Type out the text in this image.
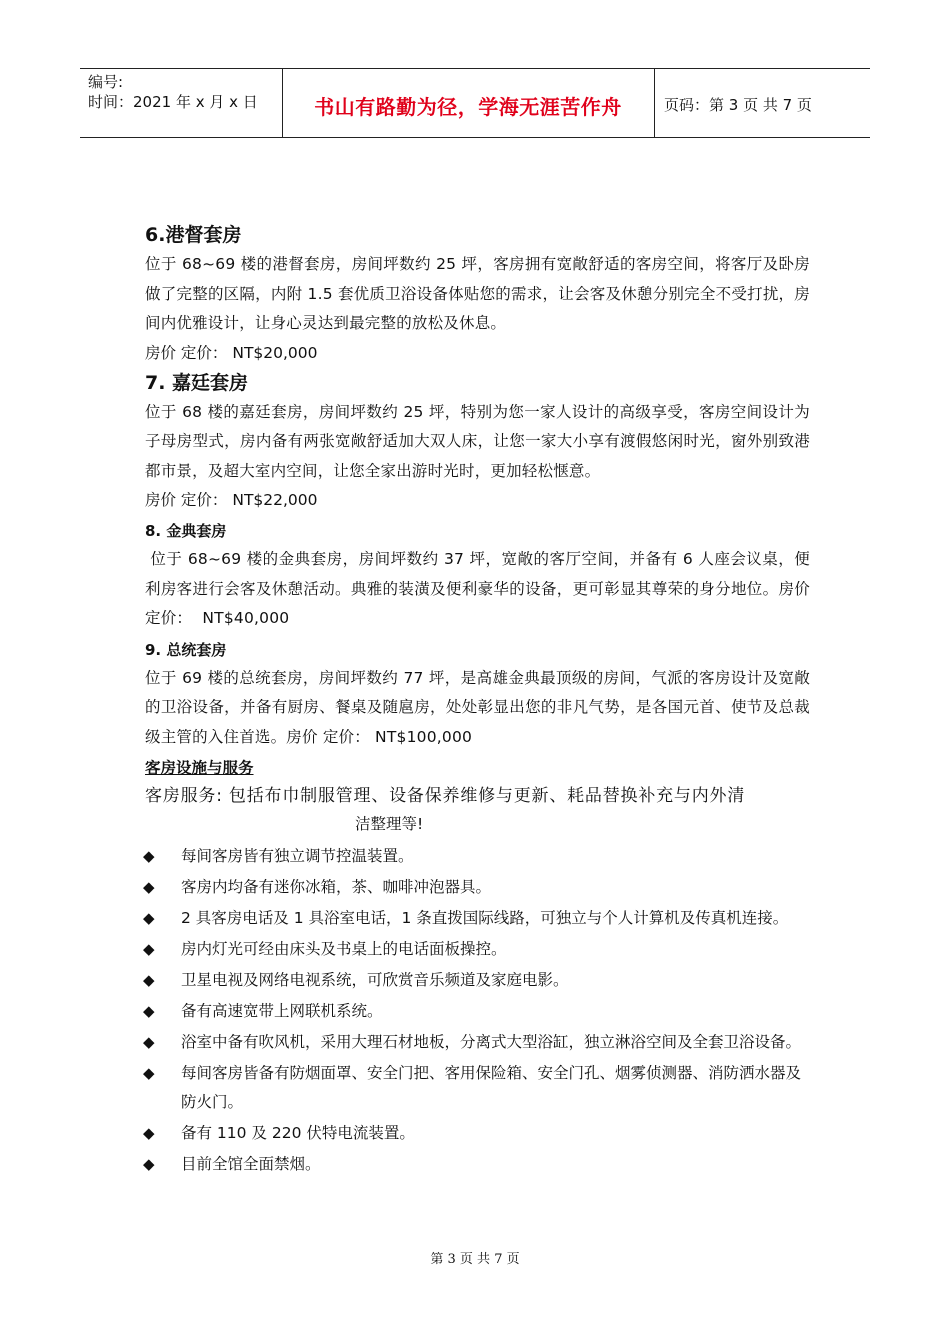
编号:
时间：2021 年 x 月 x 日	书山有路勤为径，学海无涯苦作舟	页码：第 3 页 共 7 页
6.港督套房
位于 68~69 楼的港督套房，房间坪数约 25 坪，客房拥有宽敞舒适的客房空间，将客厅及卧房做了完整的区隔，内附 1.5 套优质卫浴设备体贴您的需求，让会客及休憩分别完全不受打扰，房间内优雅设计，让身心灵达到最完整的放松及休息。
房价 定价： NT$20,000
7. 嘉廷套房
位于 68 楼的嘉廷套房，房间坪数约 25 坪，特别为您一家人设计的高级享受，客房空间设计为子母房型式，房内备有两张宽敞舒适加大双人床，让您一家大小享有渡假悠闲时光，窗外别致港都市景，及超大室内空间，让您全家出游时光时，更加轻松惬意。
房价 定价： NT$22,000
8. 金典套房
位于 68~69 楼的金典套房，房间坪数约 37 坪，宽敞的客厅空间，并备有 6 人座会议桌，便利房客进行会客及休憩活动。典雅的装潢及便利豪华的设备，更可彰显其尊荣的身分地位。房价  定价：  NT$40,000
9. 总统套房
位于 69 楼的总统套房，房间坪数约 77 坪，是高雄金典最顶级的房间，气派的客房设计及宽敞的卫浴设备，并备有厨房、餐桌及随扈房，处处彰显出您的非凡气势，是各国元首、使节及总裁级主管的入住首选。房价 定价： NT$100,000
客房设施与服务
客房服务: 包括布巾制服管理、设备保养维修与更新、耗品替换补充与内外清
洁整理等!
◆ 每间客房皆有独立调节控温装置。
◆ 客房内均备有迷你冰箱，茶、咖啡冲泡器具。
◆ 2 具客房电话及 1 具浴室电话，1 条直拨国际线路，可独立与个人计算机及传真机连接。
◆ 房内灯光可经由床头及书桌上的电话面板操控。
◆ 卫星电视及网络电视系统，可欣赏音乐频道及家庭电影。
◆ 备有高速宽带上网联机系统。
◆ 浴室中备有吹风机，采用大理石材地板，分离式大型浴缸，独立淋浴空间及全套卫浴设备。
◆ 每间客房皆备有防烟面罩、安全门把、客用保险箱、安全门孔、烟雾侦测器、消防洒水器及防火门。
◆ 备有 110 及 220 伏特电流装置。
◆ 目前全馆全面禁烟。
第 3 页 共 7 页
